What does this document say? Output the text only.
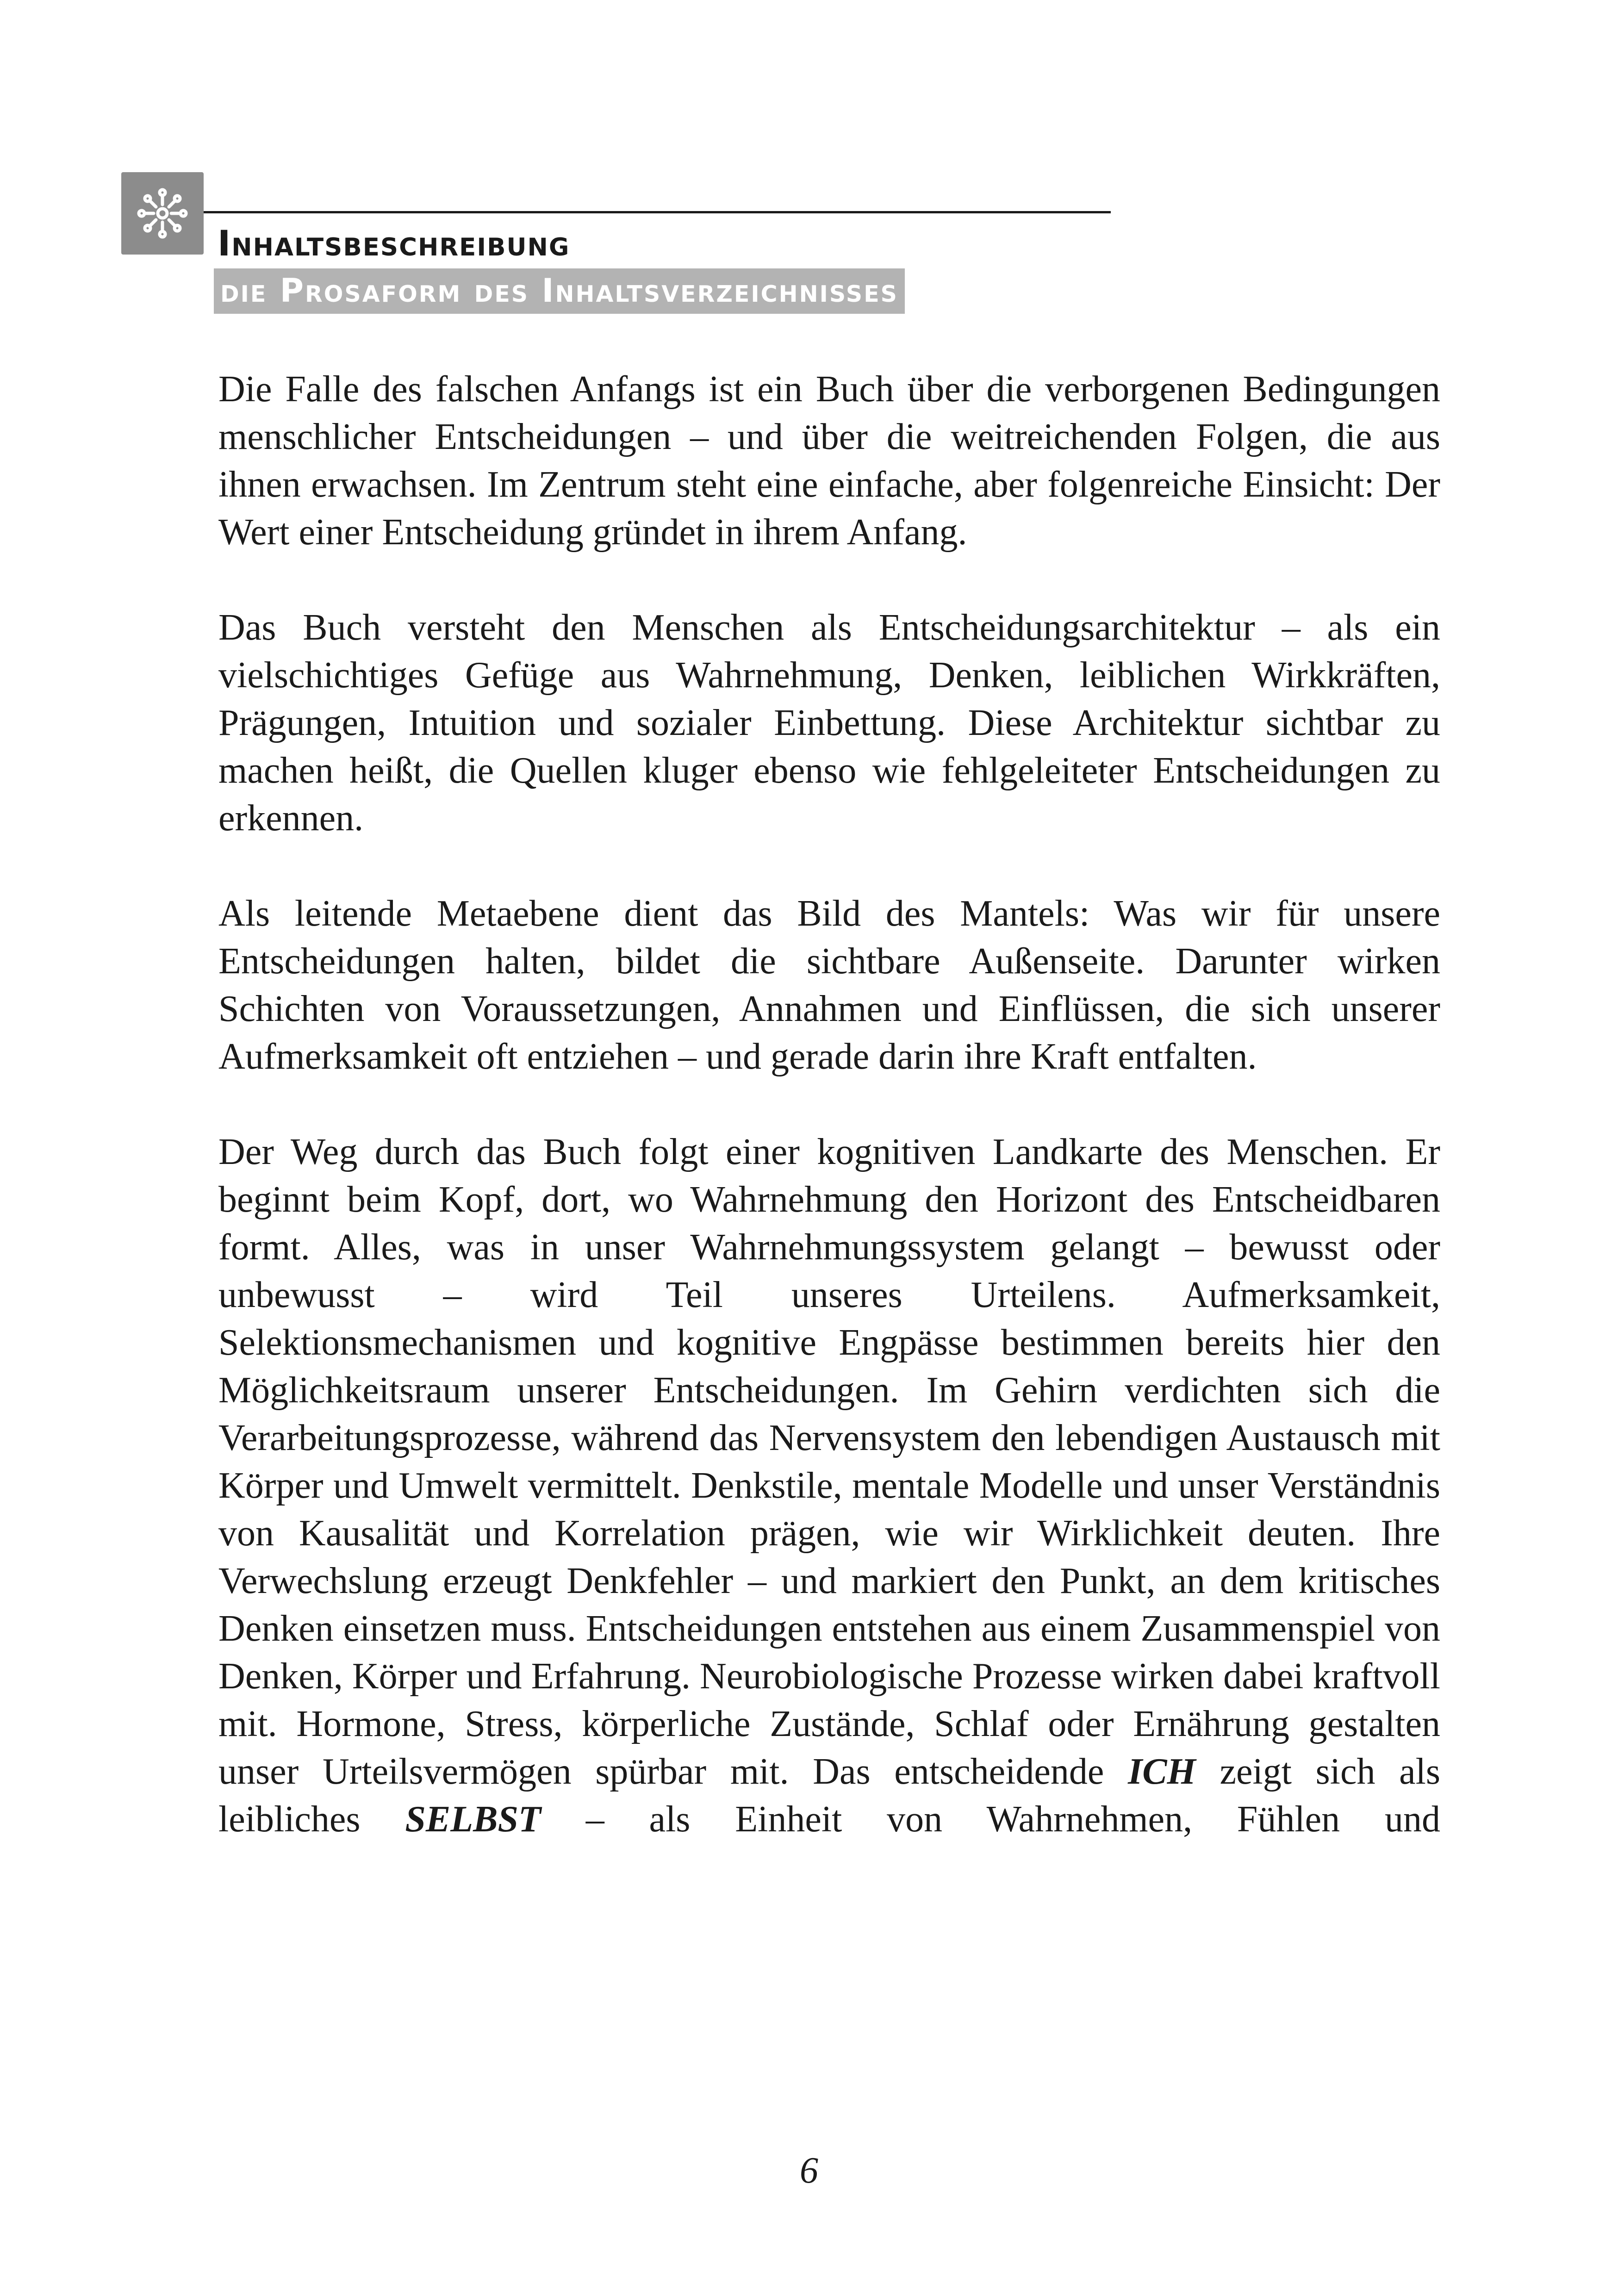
Inhaltsbeschreibung
die Prosaform des Inhaltsverzeichnisses

Die Falle des falschen Anfangs ist ein Buch über die verborgenen Bedingungen menschlicher Entscheidungen – und über die weitreichenden Folgen, die aus ihnen erwachsen. Im Zentrum steht eine einfache, aber folgenreiche Einsicht: Der Wert einer Entscheidung gründet in ihrem Anfang.

Das Buch versteht den Menschen als Entscheidungsarchitektur – als ein vielschichtiges Gefüge aus Wahrnehmung, Denken, leiblichen Wirkkräften, Prägungen, Intuition und sozialer Einbettung. Diese Architektur sichtbar zu machen heißt, die Quellen kluger ebenso wie fehlgeleiteter Entscheidungen zu erkennen.

Als leitende Metaebene dient das Bild des Mantels: Was wir für unsere Entscheidungen halten, bildet die sichtbare Außenseite. Darunter wirken Schichten von Voraussetzungen, Annahmen und Einflüssen, die sich unserer Aufmerksamkeit oft entziehen – und gerade darin ihre Kraft entfalten.

Der Weg durch das Buch folgt einer kognitiven Landkarte des Menschen. Er beginnt beim Kopf, dort, wo Wahrnehmung den Horizont des Entscheidbaren formt. Alles, was in unser Wahrnehmungssystem gelangt – bewusst oder unbewusst – wird Teil unseres Urteilens. Aufmerksamkeit, Selektionsmechanismen und kognitive Engpässe bestimmen bereits hier den Möglichkeitsraum unserer Entscheidungen. Im Gehirn verdichten sich die Verarbeitungsprozesse, während das Nervensystem den lebendigen Austausch mit Körper und Umwelt vermittelt. Denkstile, mentale Modelle und unser Verständnis von Kausalität und Korrelation prägen, wie wir Wirklichkeit deuten. Ihre Verwechslung erzeugt Denkfehler – und markiert den Punkt, an dem kritisches Denken einsetzen muss. Entscheidungen entstehen aus einem Zusammenspiel von Denken, Körper und Erfahrung. Neurobiologische Prozesse wirken dabei kraftvoll mit. Hormone, Stress, körperliche Zustände, Schlaf oder Ernährung gestalten unser Urteilsvermögen spürbar mit. Das entscheidende ICH zeigt sich als leibliches SELBST – als Einheit von Wahrnehmen, Fühlen und

6
